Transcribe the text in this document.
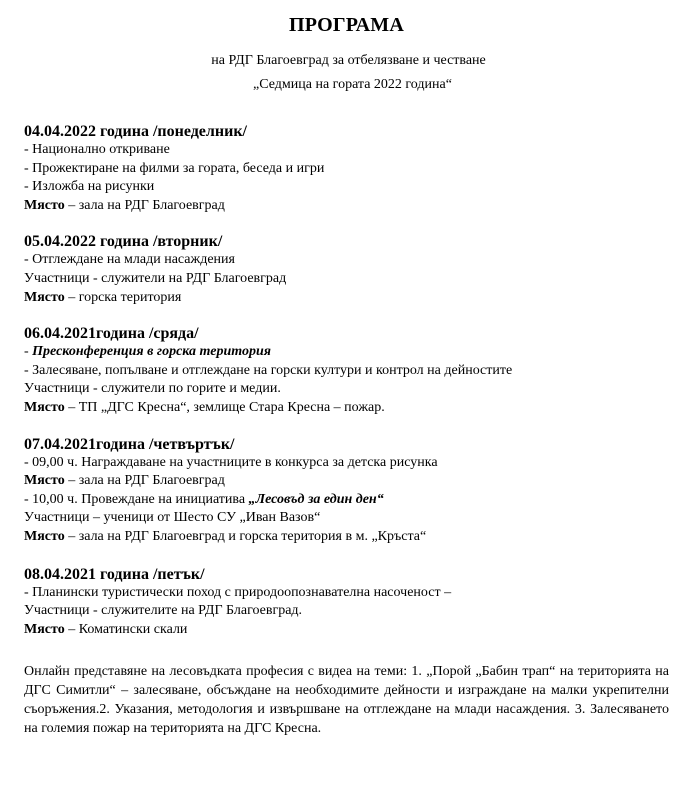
ПРОГРАМА

на РДГ Благоевград за отбелязване и честване

„Седмица на гората 2022 година“

04.04.2022 година /понеделник/

- Национално откриване

- Прожектиране на филми за гората, беседа и игри

- Изложба на рисунки

Място – зала на РДГ Благоевград

05.04.2022 година /вторник/

- Отглеждане на млади насаждения

Участници - служители на РДГ Благоевград

Място – горска територия

06.04.2021година /сряда/

- Пресконференция в горска територия

- Залесяване, попълване и отглеждане на горски култури и контрол на дейностите

Участници - служители по горите и медии.

Място – ТП „ДГС Кресна“, землище Стара Кресна – пожар.

07.04.2021година /четвъртък/

- 09,00 ч. Награждаване на участниците в конкурса за детска рисунка

Място – зала на РДГ Благоевград

- 10,00 ч. Провеждане на инициатива „Лесовъд за един ден“

Участници – ученици от Шесто СУ „Иван Вазов“

Място – зала на РДГ Благоевград и горска територия в м. „Кръста“

08.04.2021 година /петък/

- Планински туристически поход с природоопознавателна насоченост –

Участници - служителите на РДГ Благоевград.

Място – Коматински скали

Онлайн представяне на лесовъдката професия с видеа на теми: 1. „Порой „Бабин трап“ на територията на ДГС Симитли“ – залесяване, обсъждане на необходимите дейности и изграждане на малки укрепителни съоръжения.2. Указания, методология и извършване на отглеждане на млади насаждения. 3. Залесяването на големия пожар на територията на ДГС Кресна.
